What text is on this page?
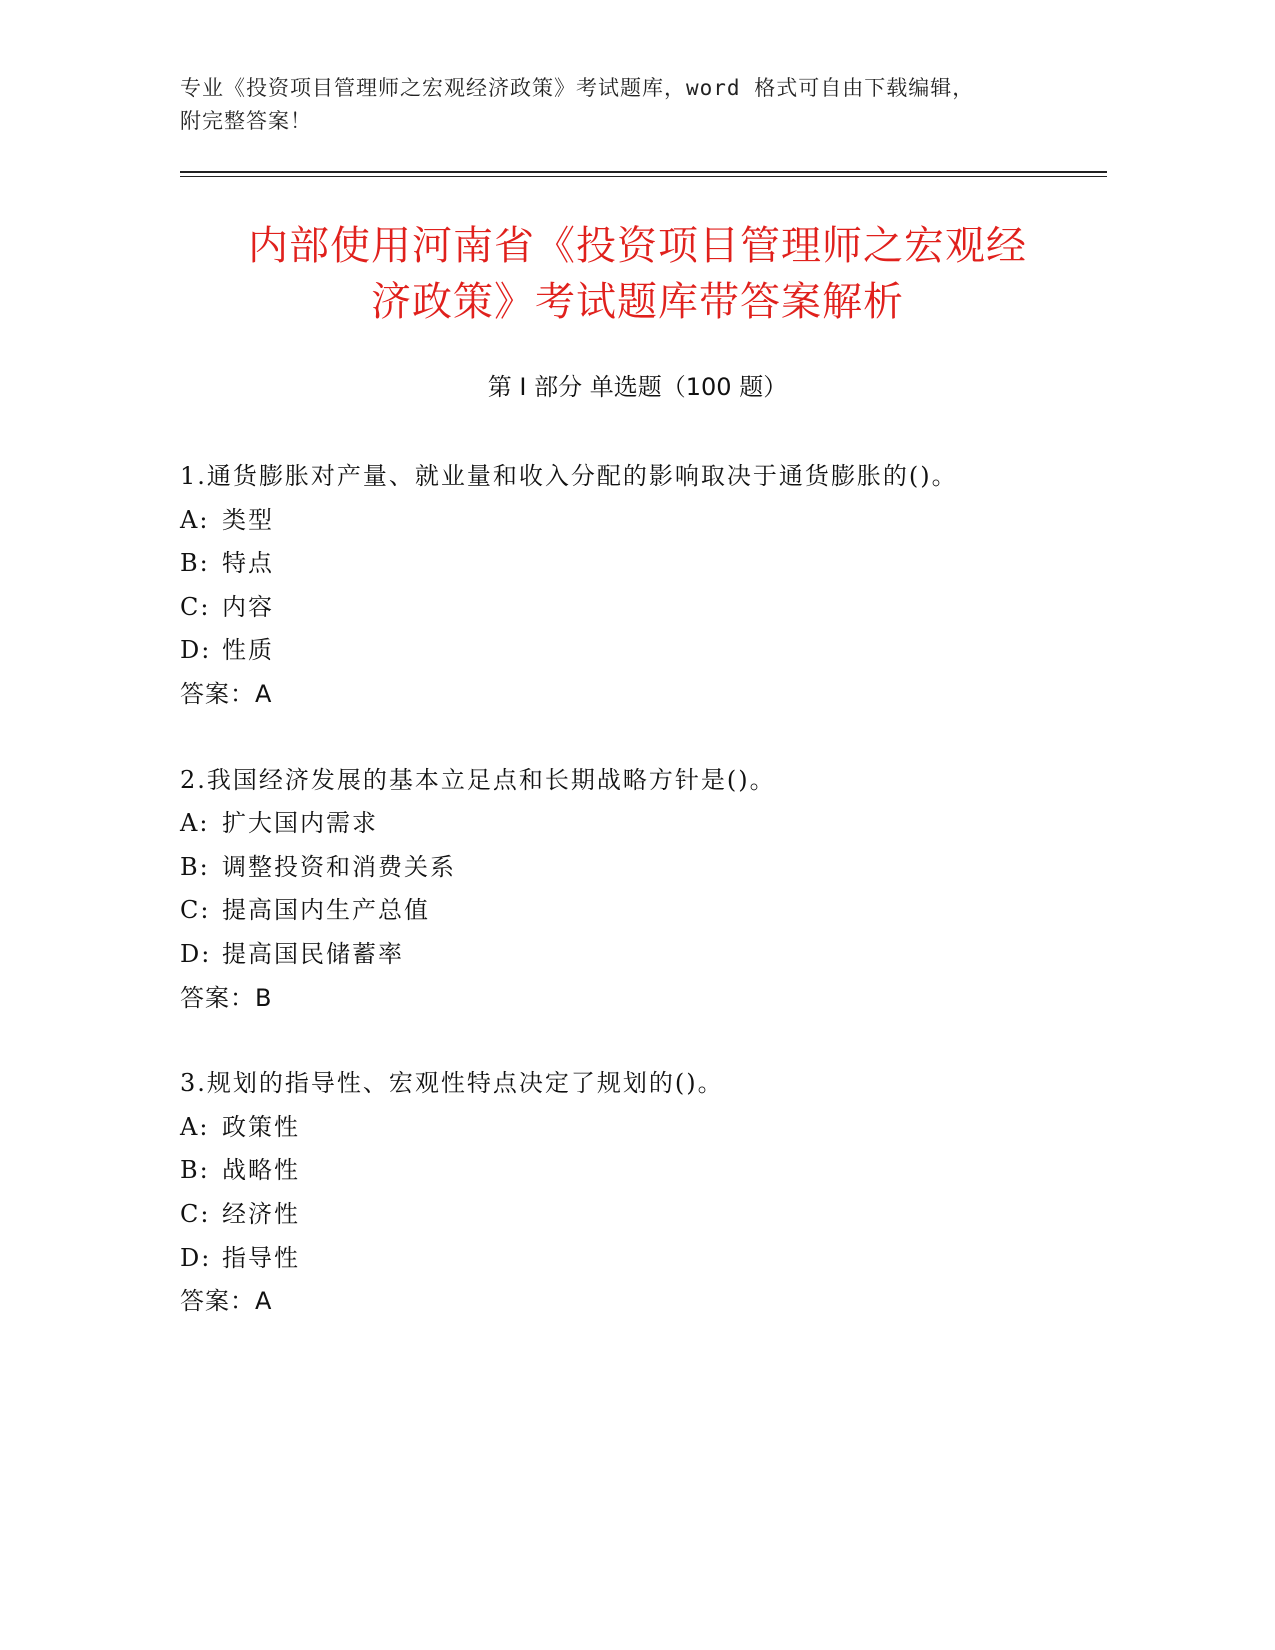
专业《投资项目管理师之宏观经济政策》考试题库，word 格式可自由下载编辑，
附完整答案！
内部使用河南省《投资项目管理师之宏观经
济政策》考试题库带答案解析
第 I 部分 单选题（100 题）
1.通货膨胀对产量、就业量和收入分配的影响取决于通货膨胀的()。
A: 类型
B: 特点
C: 内容
D: 性质
答案：A
2.我国经济发展的基本立足点和长期战略方针是()。
A: 扩大国内需求
B: 调整投资和消费关系
C: 提高国内生产总值
D: 提高国民储蓄率
答案：B
3.规划的指导性、宏观性特点决定了规划的()。
A: 政策性
B: 战略性
C: 经济性
D: 指导性
答案：A
